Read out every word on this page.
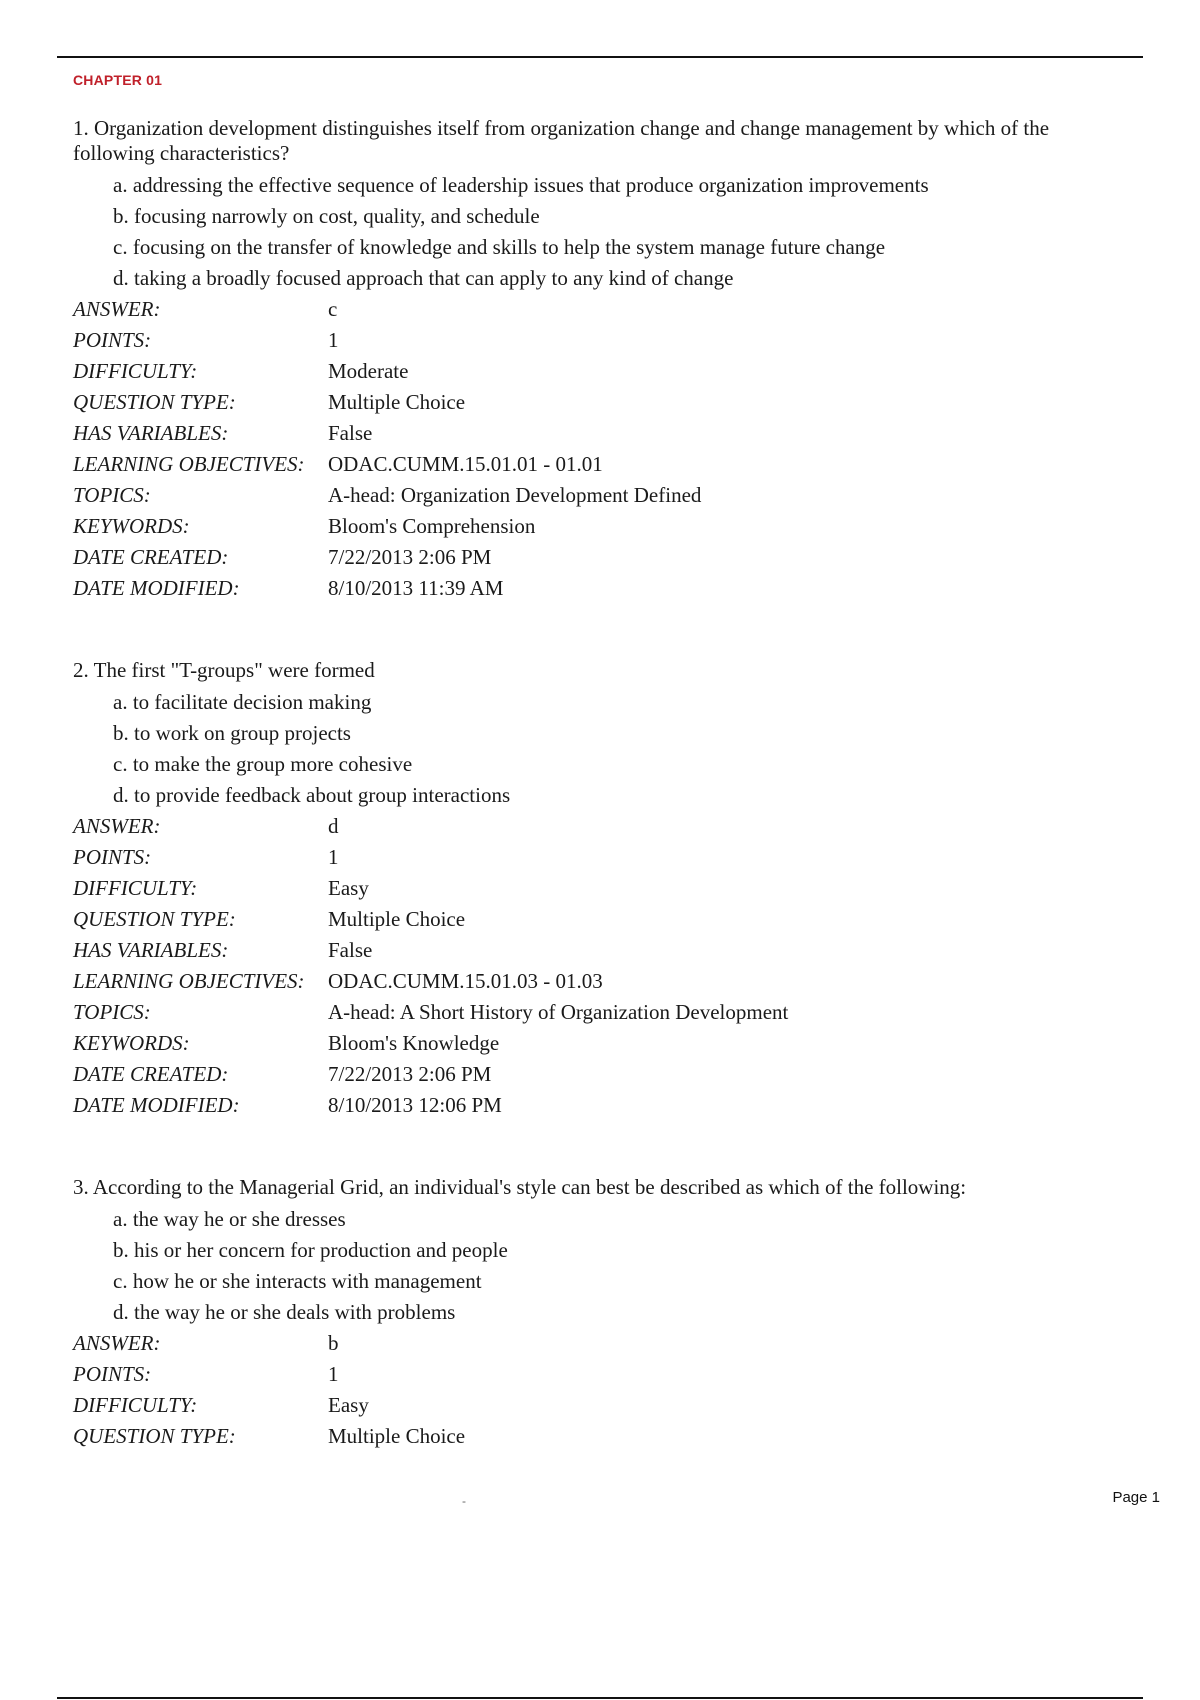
CHAPTER 01

1. Organization development distinguishes itself from organization change and change management by which of the following characteristics?

a. addressing the effective sequence of leadership issues that produce organization improvements

b. focusing narrowly on cost, quality, and schedule

c. focusing on the transfer of knowledge and skills to help the system manage future change

d. taking a broadly focused approach that can apply to any kind of change

ANSWER:	c
POINTS:	1
DIFFICULTY:	Moderate
QUESTION TYPE:	Multiple Choice
HAS VARIABLES:	False
LEARNING OBJECTIVES:	ODAC.CUMM.15.01.01 - 01.01
TOPICS:	A-head: Organization Development Defined
KEYWORDS:	Bloom's Comprehension
DATE CREATED:	7/22/2013 2:06 PM
DATE MODIFIED:	8/10/2013 11:39 AM

2. The first "T-groups" were formed

a. to facilitate decision making

b. to work on group projects

c. to make the group more cohesive

d. to provide feedback about group interactions

ANSWER:	d
POINTS:	1
DIFFICULTY:	Easy
QUESTION TYPE:	Multiple Choice
HAS VARIABLES:	False
LEARNING OBJECTIVES:	ODAC.CUMM.15.01.03 - 01.03
TOPICS:	A-head: A Short History of Organization Development
KEYWORDS:	Bloom's Knowledge
DATE CREATED:	7/22/2013 2:06 PM
DATE MODIFIED:	8/10/2013 12:06 PM

3. According to the Managerial Grid, an individual's style can best be described as which of the following:

a. the way he or she dresses

b. his or her concern for production and people

c. how he or she interacts with management

d. the way he or she deals with problems

ANSWER:	b
POINTS:	1
DIFFICULTY:	Easy
QUESTION TYPE:	Multiple Choice
-	Page 1
